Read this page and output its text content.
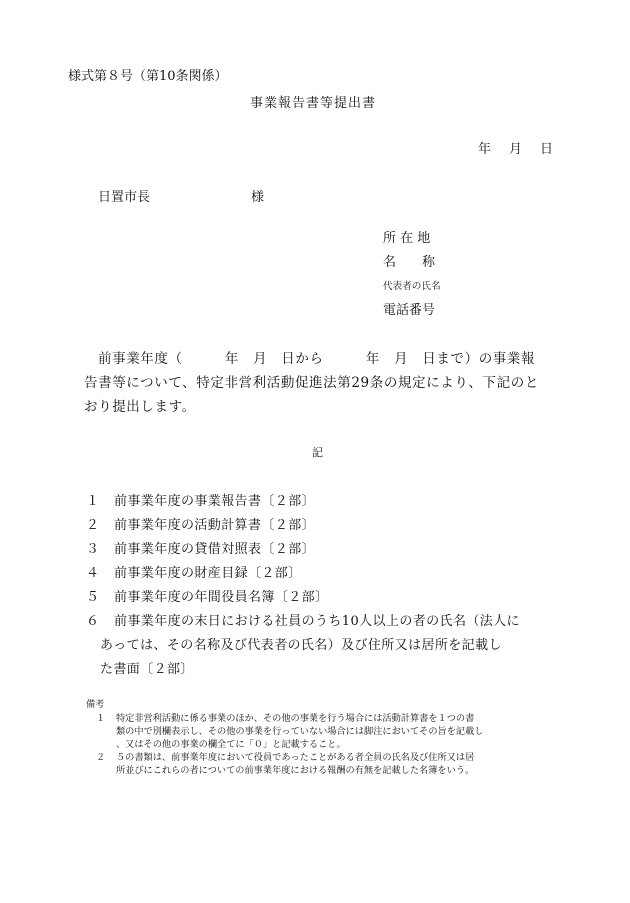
様式第８号（第10条関係）
事業報告書等提出書
年 月 日
日置市長	様
所 在 地
名　　称
代表者の氏名
電話番号
前事業年度（　　　年　月　日から　　　年　月　日まで）の事業報
告書等について、特定非営利活動促進法第29条の規定により、下記のと
おり提出します。
記
１	前事業年度の事業報告書〔２部〕
２	前事業年度の活動計算書〔２部〕
３	前事業年度の貸借対照表〔２部〕
４	前事業年度の財産目録〔２部〕
５	前事業年度の年間役員名簿〔２部〕
６	前事業年度の末日における社員のうち10人以上の者の氏名（法人に
あっては、その名称及び代表者の氏名）及び住所又は居所を記載し
た書面〔２部〕
備考
１ 特定非営利活動に係る事業のほか、その他の事業を行う場合には活動計算書を１つの書
類の中で別欄表示し、その他の事業を行っていない場合には脚注においてその旨を記載し
、又はその他の事業の欄全てに「０」と記載すること。
２ ５の書類は、前事業年度において役員であったことがある者全員の氏名及び住所又は居
所並びにこれらの者についての前事業年度における報酬の有無を記載した名簿をいう。
